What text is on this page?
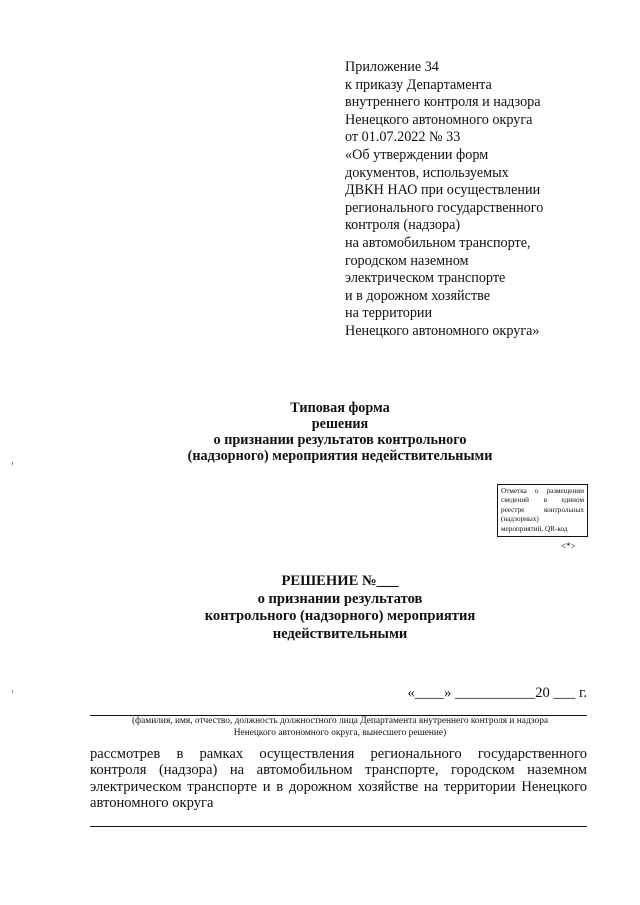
Приложение 34
к приказу Департамента
внутреннего контроля и надзора
Ненецкого автономного округа
от 01.07.2022 № 33
«Об утверждении форм
документов, используемых
ДВКН НАО при осуществлении
регионального государственного
контроля (надзора)
на автомобильном транспорте,
городском наземном
электрическом транспорте
и в дорожном хозяйстве
на территории
Ненецкого автономного округа»
Типовая форма
решения
о признании результатов контрольного
(надзорного) мероприятия недействительными
Отметка о размещении
сведений в едином
реестре контрольных
(надзорных)
мероприятий, QR-код
<*>
РЕШЕНИЕ №___
о признании результатов
контрольного (надзорного) мероприятия
недействительными
«____» ___________20 ___ г.
(фамилия, имя, отчество, должность должностного лица Департамента внутреннего контроля и надзора
Ненецкого автономного округа, вынесшего решение)
рассмотрев в рамках осуществления регионального государственного
контроля (надзора) на автомобильном транспорте, городском наземном
электрическом транспорте и в дорожном хозяйстве на территории Ненецкого
автономного округа
